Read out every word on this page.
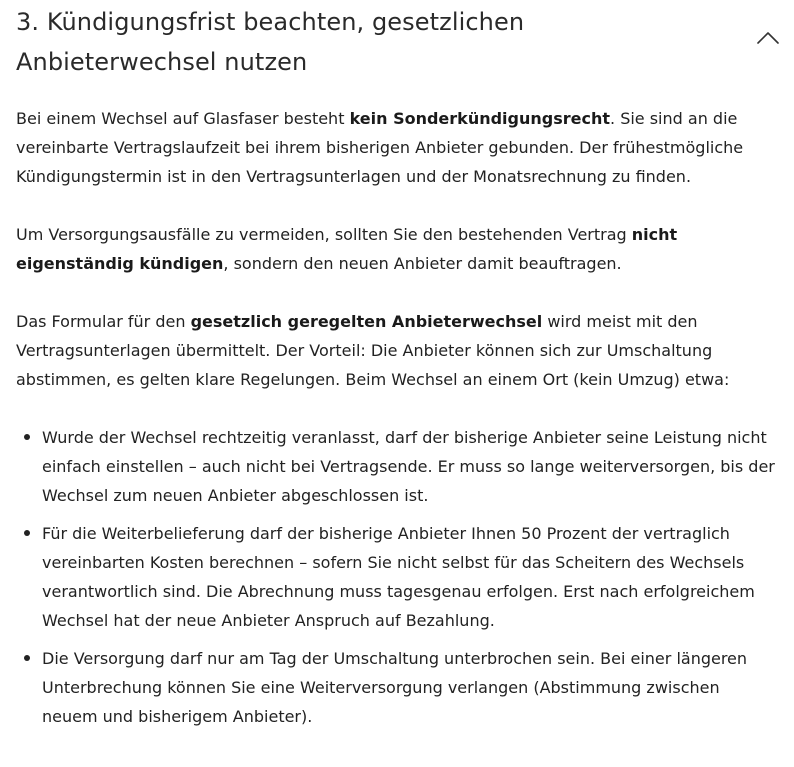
3. Kündigungsfrist beachten, gesetzlichen Anbieterwechsel nutzen

Bei einem Wechsel auf Glasfaser besteht kein Sonderkündigungsrecht. Sie sind an die vereinbarte Vertragslaufzeit bei ihrem bisherigen Anbieter gebunden. Der frühestmögliche Kündigungstermin ist in den Vertragsunterlagen und der Monatsrechnung zu finden.

Um Versorgungsausfälle zu vermeiden, sollten Sie den bestehenden Vertrag nicht eigenständig kündigen, sondern den neuen Anbieter damit beauftragen.

Das Formular für den gesetzlich geregelten Anbieterwechsel wird meist mit den Vertragsunterlagen übermittelt. Der Vorteil: Die Anbieter können sich zur Umschaltung abstimmen, es gelten klare Regelungen. Beim Wechsel an einem Ort (kein Umzug) etwa:

Wurde der Wechsel rechtzeitig veranlasst, darf der bisherige Anbieter seine Leistung nicht einfach einstellen – auch nicht bei Vertragsende. Er muss so lange weiterversorgen, bis der Wechsel zum neuen Anbieter abgeschlossen ist.
Für die Weiterbelieferung darf der bisherige Anbieter Ihnen 50 Prozent der vertraglich vereinbarten Kosten berechnen – sofern Sie nicht selbst für das Scheitern des Wechsels verantwortlich sind. Die Abrechnung muss tagesgenau erfolgen. Erst nach erfolgreichem Wechsel hat der neue Anbieter Anspruch auf Bezahlung.
Die Versorgung darf nur am Tag der Umschaltung unterbrochen sein. Bei einer längeren Unterbrechung können Sie eine Weiterversorgung verlangen (Abstimmung zwischen neuem und bisherigem Anbieter).
